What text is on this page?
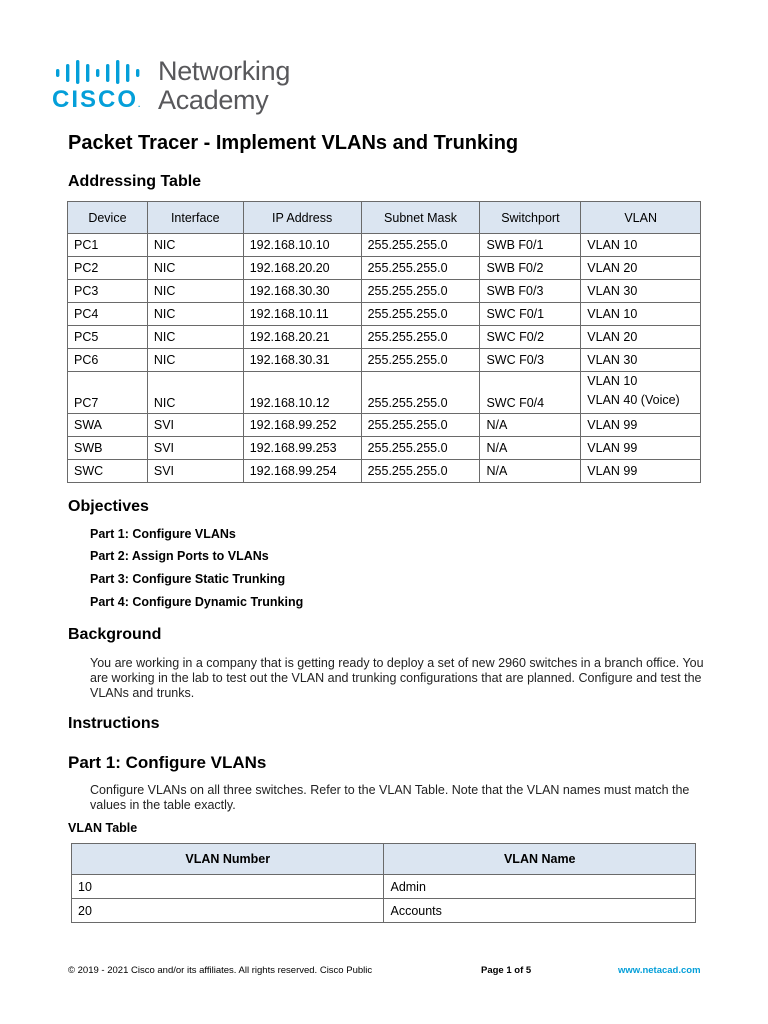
CISCO.
Networking
Academy
Packet Tracer - Implement VLANs and Trunking
Addressing Table
Device	Interface	IP Address	Subnet Mask	Switchport	VLAN
PC1	NIC	192.168.10.10	255.255.255.0	SWB F0/1	VLAN 10
PC2	NIC	192.168.20.20	255.255.255.0	SWB F0/2	VLAN 20
PC3	NIC	192.168.30.30	255.255.255.0	SWB F0/3	VLAN 30
PC4	NIC	192.168.10.11	255.255.255.0	SWC F0/1	VLAN 10
PC5	NIC	192.168.20.21	255.255.255.0	SWC F0/2	VLAN 20
PC6	NIC	192.168.30.31	255.255.255.0	SWC F0/3	VLAN 30
PC7	NIC	192.168.10.12	255.255.255.0	SWC F0/4	VLAN 10
VLAN 40 (Voice)

SWA	SVI	192.168.99.252	255.255.255.0	N/A	VLAN 99
SWB	SVI	192.168.99.253	255.255.255.0	N/A	VLAN 99
SWC	SVI	192.168.99.254	255.255.255.0	N/A	VLAN 99
Objectives
Part 1: Configure VLANs
Part 2: Assign Ports to VLANs
Part 3: Configure Static Trunking
Part 4: Configure Dynamic Trunking
Background
You are working in a company that is getting ready to deploy a set of new 2960 switches in a branch office. You are working in the lab to test out the VLAN and trunking configurations that are planned. Configure and test the VLANs and trunks.
Instructions
Part 1: Configure VLANs
Configure VLANs on all three switches. Refer to the VLAN Table. Note that the VLAN names must match the values in the table exactly.
VLAN Table
VLAN Number	VLAN Name
10	Admin
20	Accounts
© 2019 - 2021 Cisco and/or its affiliates. All rights reserved. Cisco Public	Page 1 of 5	www.netacad.com
